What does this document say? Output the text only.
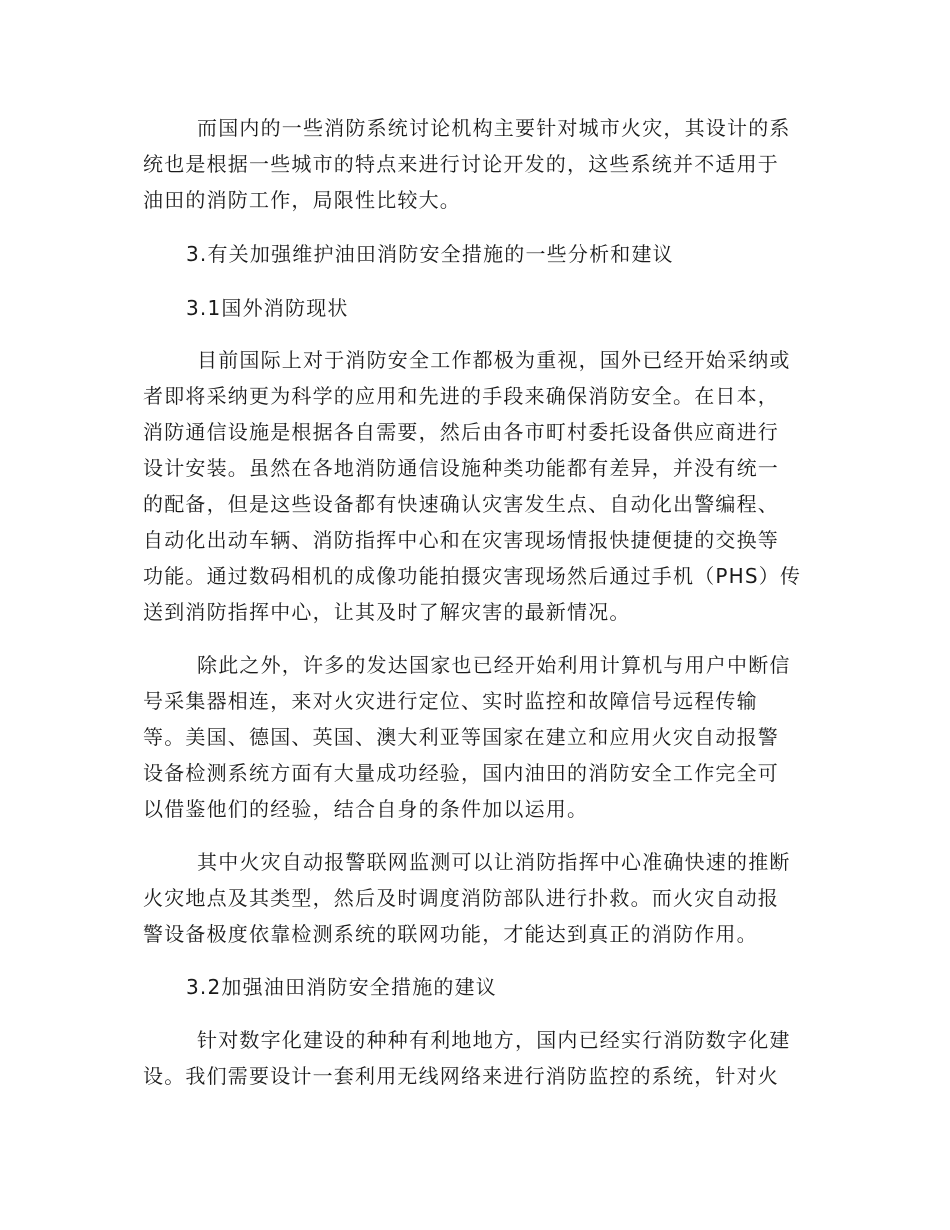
而国内的一些消防系统讨论机构主要针对城市火灾，其设计的系
统也是根据一些城市的特点来进行讨论开发的，这些系统并不适用于
油田的消防工作，局限性比较大。
3.有关加强维护油田消防安全措施的一些分析和建议
3.1国外消防现状
目前国际上对于消防安全工作都极为重视，国外已经开始采纳或
者即将采纳更为科学的应用和先进的手段来确保消防安全。在日本，
消防通信设施是根据各自需要，然后由各市町村委托设备供应商进行
设计安装。虽然在各地消防通信设施种类功能都有差异，并没有统一
的配备，但是这些设备都有快速确认灾害发生点、自动化出警编程、
自动化出动车辆、消防指挥中心和在灾害现场情报快捷便捷的交换等
功能。通过数码相机的成像功能拍摄灾害现场然后通过手机（PHS）传
送到消防指挥中心，让其及时了解灾害的最新情况。
除此之外，许多的发达国家也已经开始利用计算机与用户中断信
号采集器相连，来对火灾进行定位、实时监控和故障信号远程传输
等。美国、德国、英国、澳大利亚等国家在建立和应用火灾自动报警
设备检测系统方面有大量成功经验，国内油田的消防安全工作完全可
以借鉴他们的经验，结合自身的条件加以运用。
其中火灾自动报警联网监测可以让消防指挥中心准确快速的推断
火灾地点及其类型，然后及时调度消防部队进行扑救。而火灾自动报
警设备极度依靠检测系统的联网功能，才能达到真正的消防作用。
3.2加强油田消防安全措施的建议
针对数字化建设的种种有利地地方，国内已经实行消防数字化建
设。我们需要设计一套利用无线网络来进行消防监控的系统，针对火
